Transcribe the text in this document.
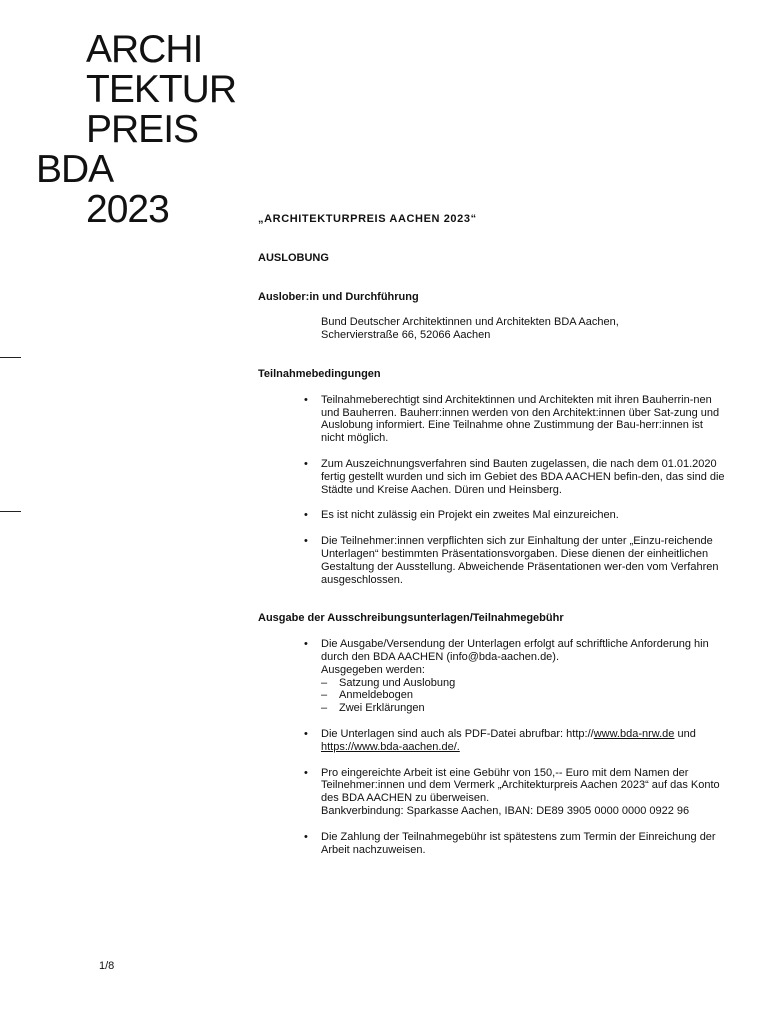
ARCHI
TEKTUR
PREIS
BDA
2023	„ARCHITEKTURPREIS AACHEN 2023“
AUSLOBUNG
Auslober:in und Durchführung
Bund Deutscher Architektinnen und Architekten BDA Aachen,
Schervierstraße 66, 52066 Aachen
Teilnahmebedingungen
• Teilnahmeberechtigt sind Architektinnen und Architekten mit ihren Bauherrin-nen und Bauherren. Bauherr:innen werden von den Architekt:innen über Sat-zung und Auslobung informiert. Eine Teilnahme ohne Zustimmung der Bau-herr:innen ist nicht möglich.
• Zum Auszeichnungsverfahren sind Bauten zugelassen, die nach dem 01.01.2020 fertig gestellt wurden und sich im Gebiet des BDA AACHEN befin-den, das sind die Städte und Kreise Aachen. Düren und Heinsberg.
• Es ist nicht zulässig ein Projekt ein zweites Mal einzureichen.
• Die Teilnehmer:innen verpflichten sich zur Einhaltung der unter „Einzu-reichende Unterlagen“ bestimmten Präsentationsvorgaben. Diese dienen der einheitlichen Gestaltung der Ausstellung. Abweichende Präsentationen wer-den vom Verfahren ausgeschlossen.
Ausgabe der Ausschreibungsunterlagen/Teilnahmegebühr
• Die Ausgabe/Versendung der Unterlagen erfolgt auf schriftliche Anforderung hin durch den BDA AACHEN (info@bda-aachen.de).
Ausgegeben werden:
– Satzung und Auslobung
– Anmeldebogen
– Zwei Erklärungen
• Die Unterlagen sind auch als PDF-Datei abrufbar: http://www.bda-nrw.de und
https://www.bda-aachen.de/.
• Pro eingereichte Arbeit ist eine Gebühr von 150,-- Euro mit dem Namen der Teilnehmer:innen und dem Vermerk „Architekturpreis Aachen 2023“ auf das Konto des BDA AACHEN zu überweisen.
Bankverbindung: Sparkasse Aachen, IBAN: DE89 3905 0000 0000 0922 96
• Die Zahlung der Teilnahmegebühr ist spätestens zum Termin der Einreichung der Arbeit nachzuweisen.
1/8
